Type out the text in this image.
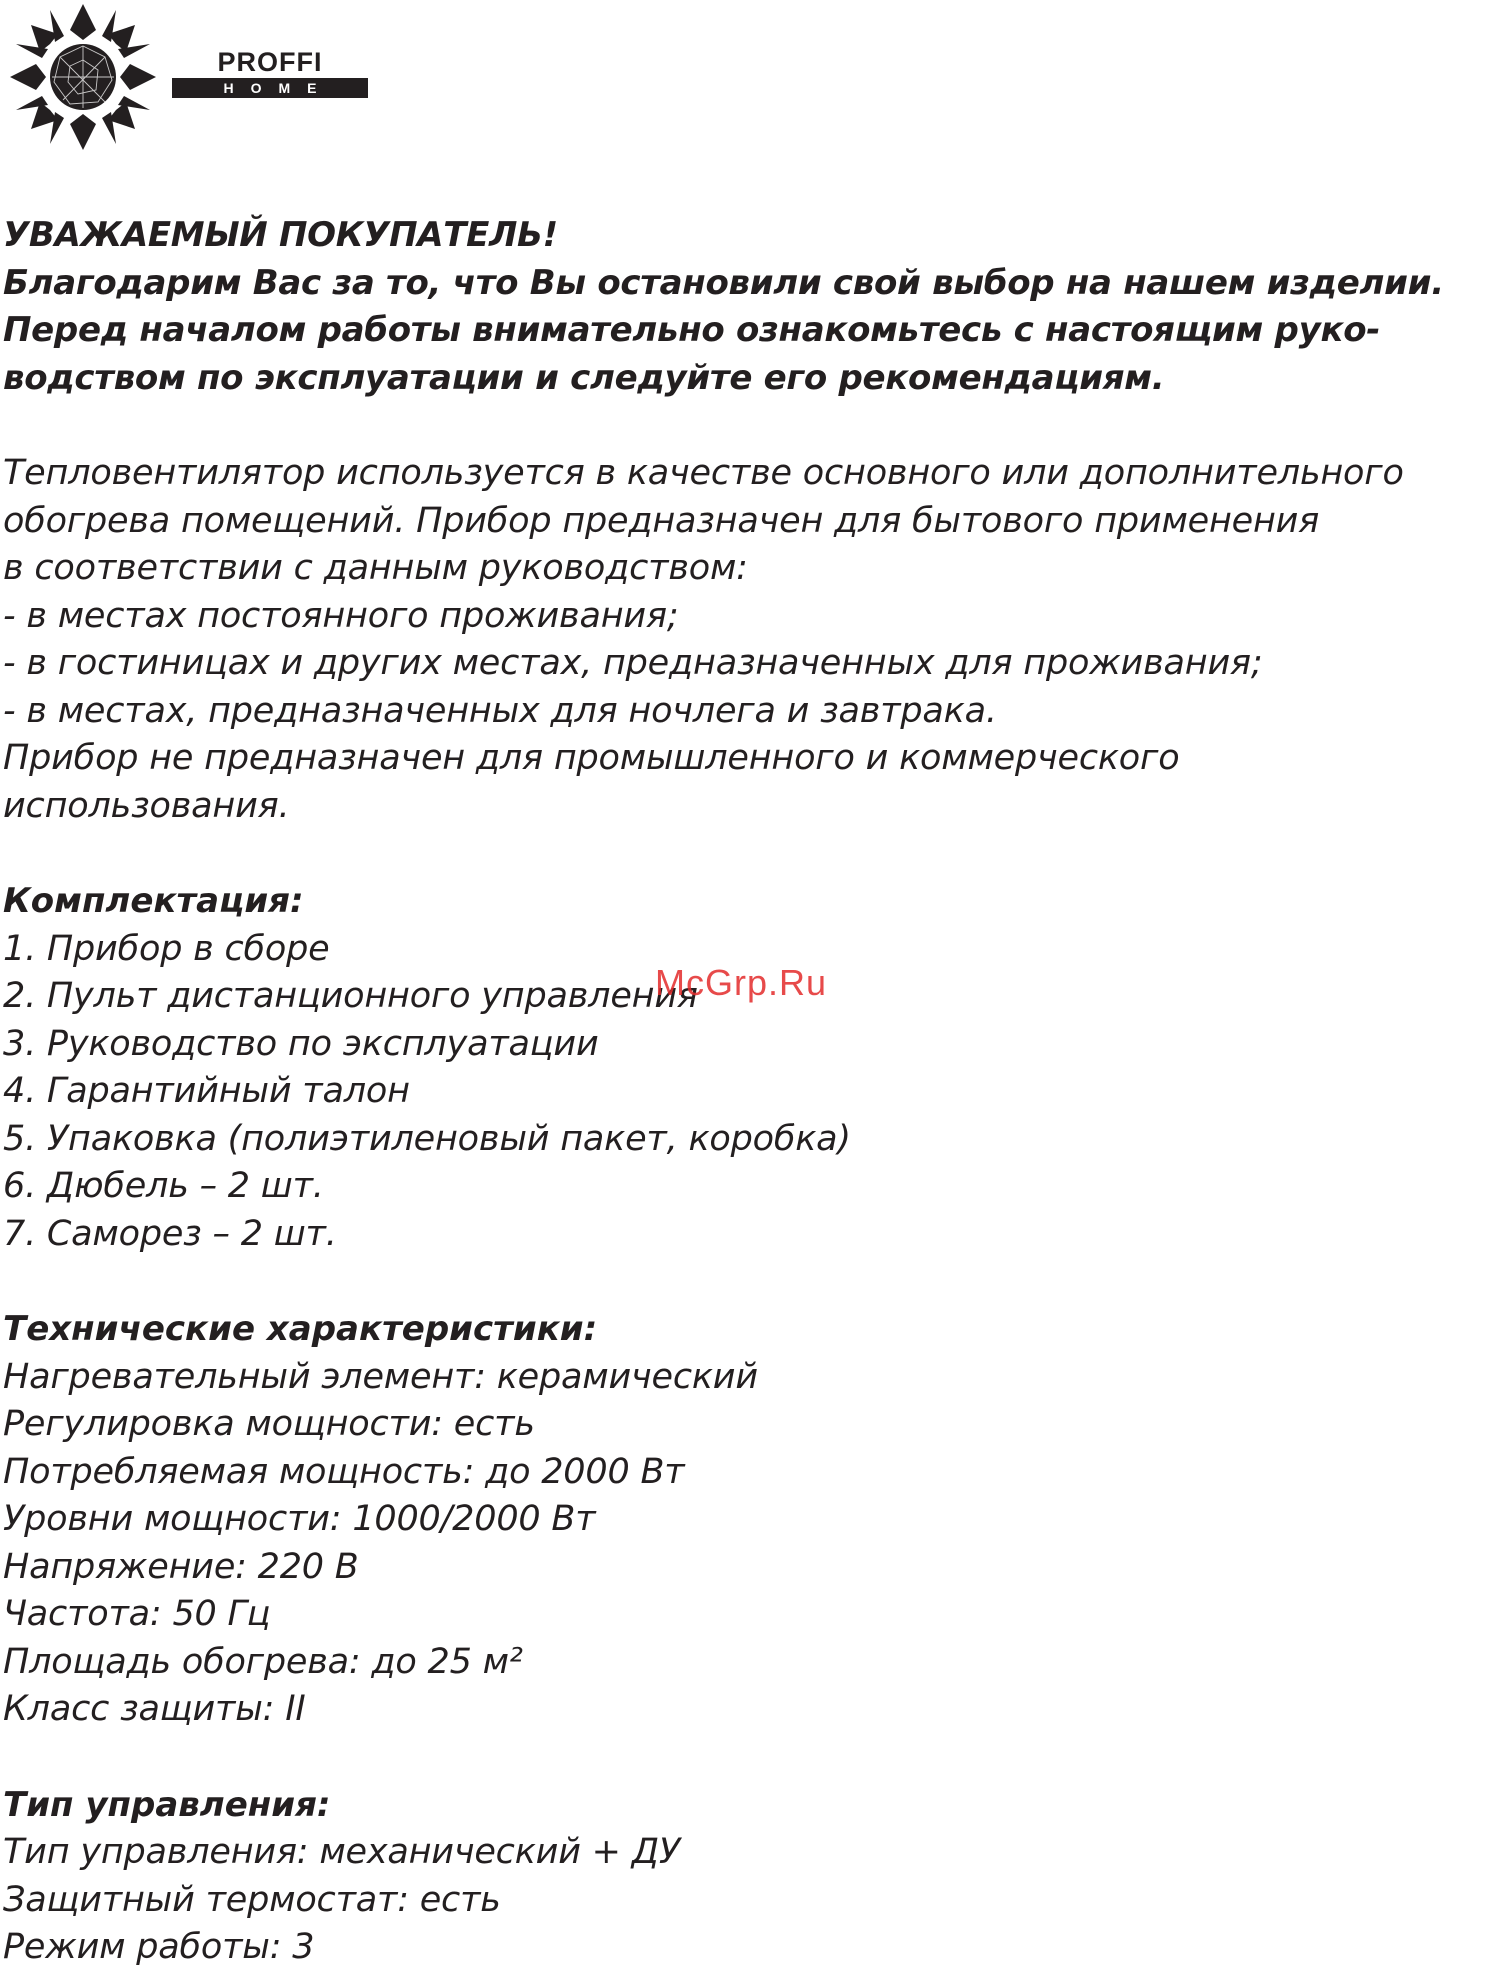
PROFFI
HOME

УВАЖАЕМЫЙ ПОКУПАТЕЛЬ!

Благодарим Вас за то, что Вы остановили свой выбор на нашем изделии.

Перед началом работы внимательно ознакомьтесь с настоящим руко-

водством по эксплуатации и следуйте его рекомендациям.

Тепловентилятор используется в качестве основного или дополнительного

обогрева помещений. Прибор предназначен для бытового применения

в соответствии с данным руководством:

- в местах постоянного проживания;

- в гостиницах и других местах, предназначенных для проживания;

- в местах, предназначенных для ночлега и завтрака.

Прибор не предназначен для промышленного и коммерческого

использования.

Комплектация:

1. Прибор в сборе

2. Пульт дистанционного управления

3. Руководство по эксплуатации

4. Гарантийный талон

5. Упаковка (полиэтиленовый пакет, коробка)

6. Дюбель – 2 шт.

7. Саморез – 2 шт.

Технические характеристики:

Нагревательный элемент: керамический

Регулировка мощности: есть

Потребляемая мощность: до 2000 Вт

Уровни мощности: 1000/2000 Вт

Напряжение: 220 В

Частота: 50 Гц

Площадь обогрева: до 25 м²

Класс защиты: II

Тип управления:

Тип управления: механический + ДУ

Защитный термостат: есть

Режим работы: 3

McGrp.Ru
